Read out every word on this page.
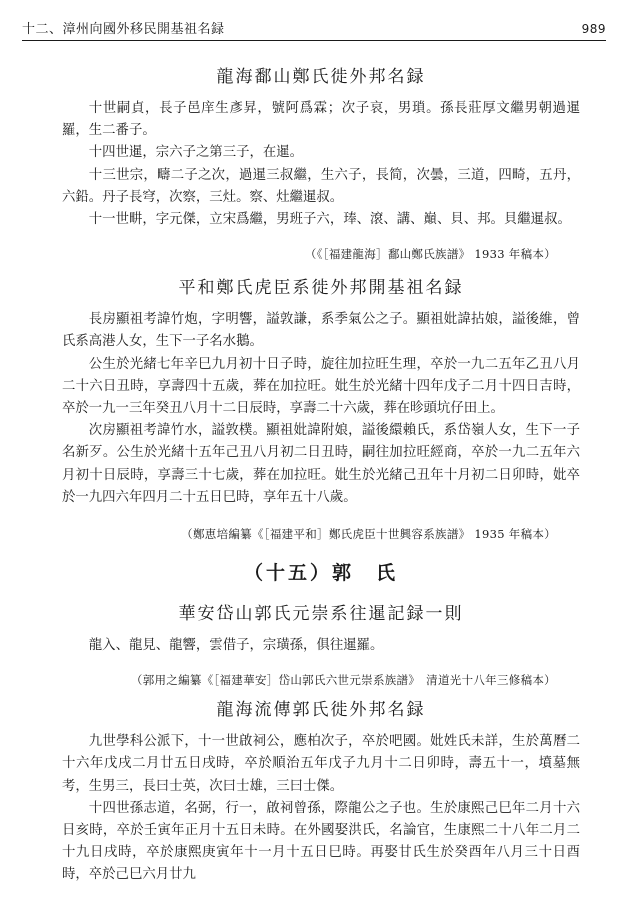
十二、漳州向國外移民開基祖名録	989
龍海鄱山鄭氏徙外邦名録

十世嗣貞，長子邑庠生彥昇，號阿爲霖；次子哀，男瑣。孫長莊厚文繼男朝過暹羅，生二番子。

十四世暹，宗六子之第三子，在暹。

十三世宗，疇二子之次，過暹三叔繼，生六子，長简，次曇，三道，四畸，五丹，六鉛。丹子長穹，次察，三灶。察、灶繼暹叔。

十一世畊，字元傑，立宋爲繼，男班子六，琫、滾、講、巔、貝、邦。貝繼暹叔。

（《［福建龍海］鄱山鄭氏族譜》 1933 年稿本）

平和鄭氏虎臣系徙外邦開基祖名録

長房顯祖考諱竹炮，字明響，謚敦謙，系季氣公之子。顯祖妣諱拈娘，謚後維，曾氏系高港人女，生下一子名水鵝。

公生於光緒七年辛巳九月初十日子時，旋往加拉旺生理，卒於一九二五年乙丑八月二十六日丑時，享壽四十五歲，葬在加拉旺。妣生於光緒十四年戊子二月十四日吉時，卒於一九一三年癸丑八月十二日辰時，享壽二十六歲，葬在昣頭坑仔田上。

次房顯祖考諱竹水，謚敦樸。顯祖妣諱附娘，謚後繯賴氏，系岱嶺人女，生下一子名新歹。公生於光緒十五年己丑八月初二日丑時，嗣往加拉旺經商，卒於一九二五年六月初十日辰時，享壽三十七歲，葬在加拉旺。妣生於光緒己丑年十月初二日卯時，妣卒於一九四六年四月二十五日巳時，享年五十八歲。

（鄭恵培編纂《［福建平和］鄭氏虎臣十世興容系族譜》 1935 年稿本）

（十五）郭　氏
華安岱山郭氏元崇系往暹記録一則

龍入、龍見、龍響，雲借子，宗璜孫，俱往暹羅。

（郭用之編纂《［福建華安］岱山郭氏六世元崇系族譜》　清道光十八年三修稿本）

龍海流傳郭氏徙外邦名録

九世學科公派下，十一世啟祠公，應柏次子，卒於吧國。妣姓氏未詳，生於萬曆二十六年戊戌二月廿五日戌時，卒於順治五年戊子九月十二日卯時，壽五十一，墳墓無考，生男三，長曰士英，次曰士雄，三曰士傑。

十四世孫志道，名弼，行一，啟祠曾孫，際龍公之子也。生於康熙己巳年二月十六日亥時，卒於壬寅年正月十五日未時。在外國娶洪氏，名論官，生康熙二十八年二月二十九日戌時，卒於康熙庚寅年十一月十五日巳時。再娶甘氏生於癸酉年八月三十日酉時，卒於己巳六月廿九
